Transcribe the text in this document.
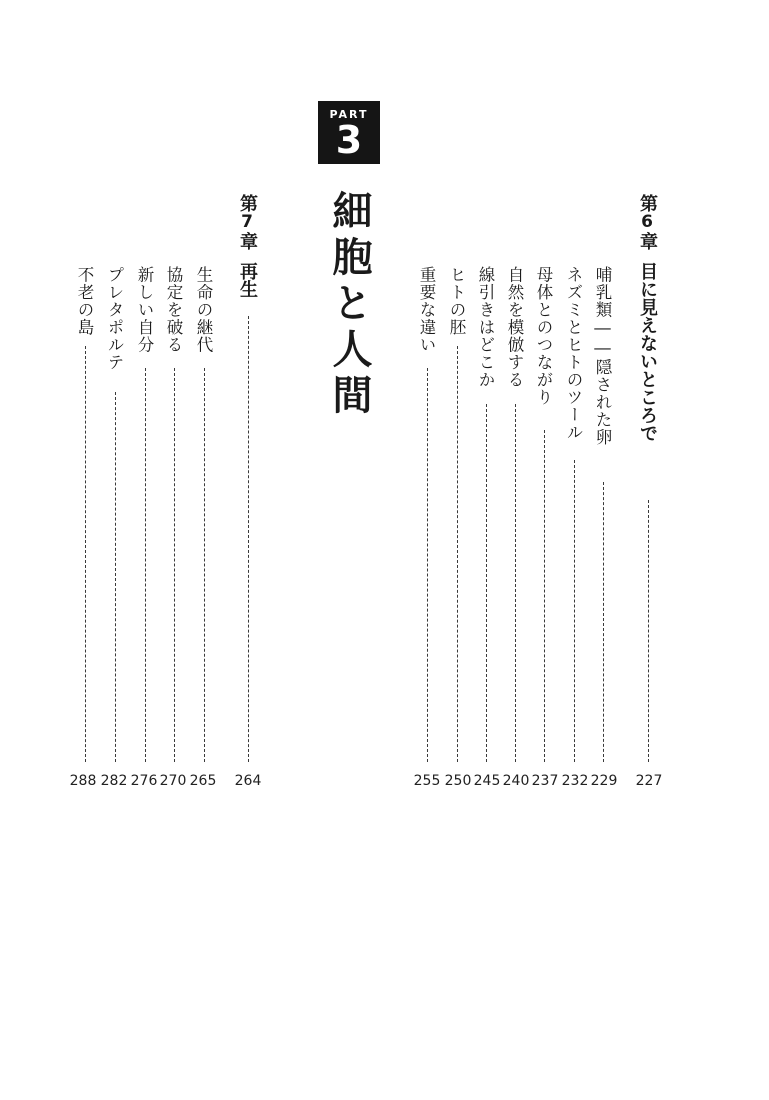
PART
3
細胞と人間	第6章目に見えないところで
227
哺乳類――隠された卵
229
ネズミとヒトのツール
232
母体とのつながり
237
自然を模倣する
240
線引きはどこか
245
ヒトの胚
250
重要な違い
255
第7章再生
264
生命の継代
265
協定を破る
270
新しい自分
276
プレタポルテ
282
不老の島
288
